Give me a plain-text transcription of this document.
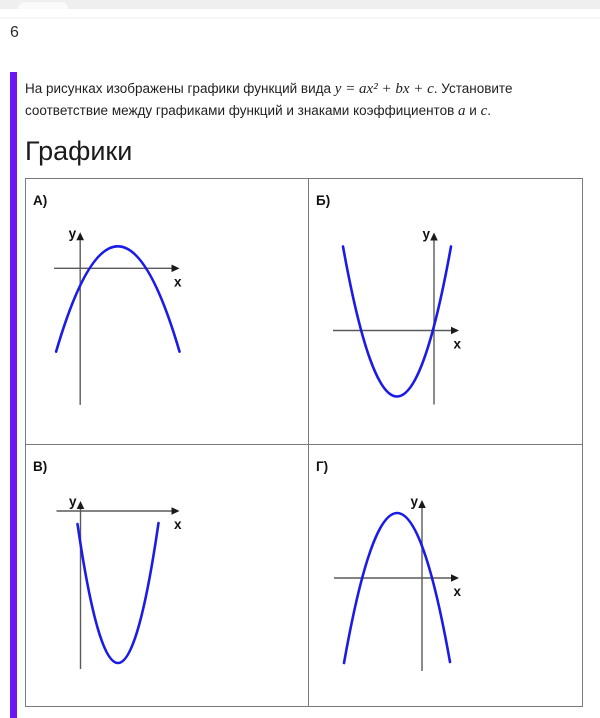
6

На рисунках изображены графики функций вида y = ax² + bx + c. Установите соответствие между графиками функций и знаками коэффициентов a и c.

Графики
А)
y
x
Б)
y
x
В)
y
x
Г)
y
x
